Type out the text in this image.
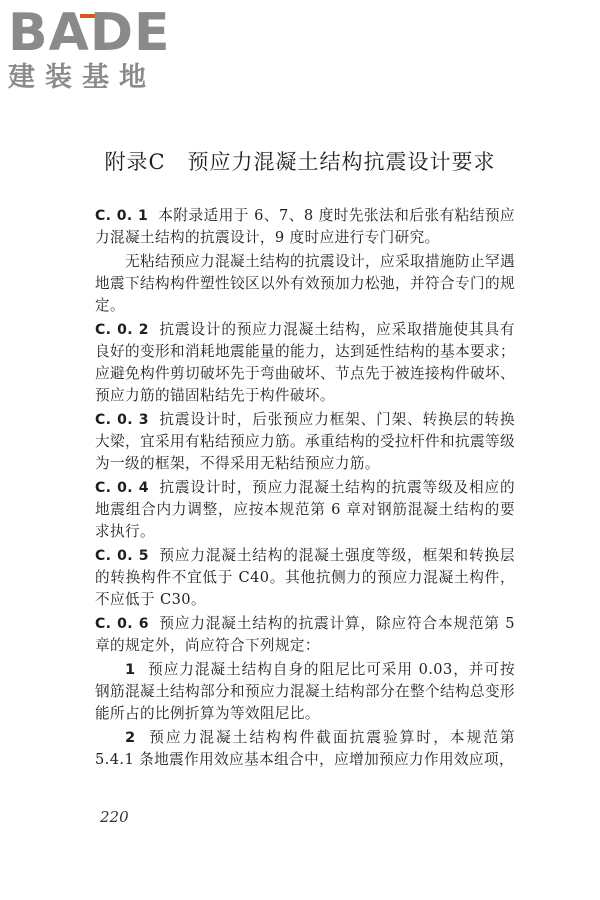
BADE
建装基地
附录C　预应力混凝土结构抗震设计要求

C. 0. 1 本附录适用于 6、7、8 度时先张法和后张有粘结预应力混凝土结构的抗震设计，9 度时应进行专门研究。

无粘结预应力混凝土结构的抗震设计，应采取措施防止罕遇地震下结构构件塑性铰区以外有效预加力松弛，并符合专门的规定。

C. 0. 2 抗震设计的预应力混凝土结构，应采取措施使其具有良好的变形和消耗地震能量的能力，达到延性结构的基本要求；应避免构件剪切破坏先于弯曲破坏、节点先于被连接构件破坏、预应力筋的锚固粘结先于构件破坏。

C. 0. 3 抗震设计时，后张预应力框架、门架、转换层的转换大梁，宜采用有粘结预应力筋。承重结构的受拉杆件和抗震等级为一级的框架，不得采用无粘结预应力筋。

C. 0. 4 抗震设计时，预应力混凝土结构的抗震等级及相应的地震组合内力调整，应按本规范第 6 章对钢筋混凝土结构的要求执行。

C. 0. 5 预应力混凝土结构的混凝土强度等级，框架和转换层的转换构件不宜低于 C40。其他抗侧力的预应力混凝土构件，不应低于 C30。

C. 0. 6 预应力混凝土结构的抗震计算，除应符合本规范第 5 章的规定外，尚应符合下列规定：

1 预应力混凝土结构自身的阻尼比可采用 0.03，并可按钢筋混凝土结构部分和预应力混凝土结构部分在整个结构总变形能所占的比例折算为等效阻尼比。

2 预应力混凝土结构构件截面抗震验算时，本规范第 5.4.1 条地震作用效应基本组合中，应增加预应力作用效应项，

220
